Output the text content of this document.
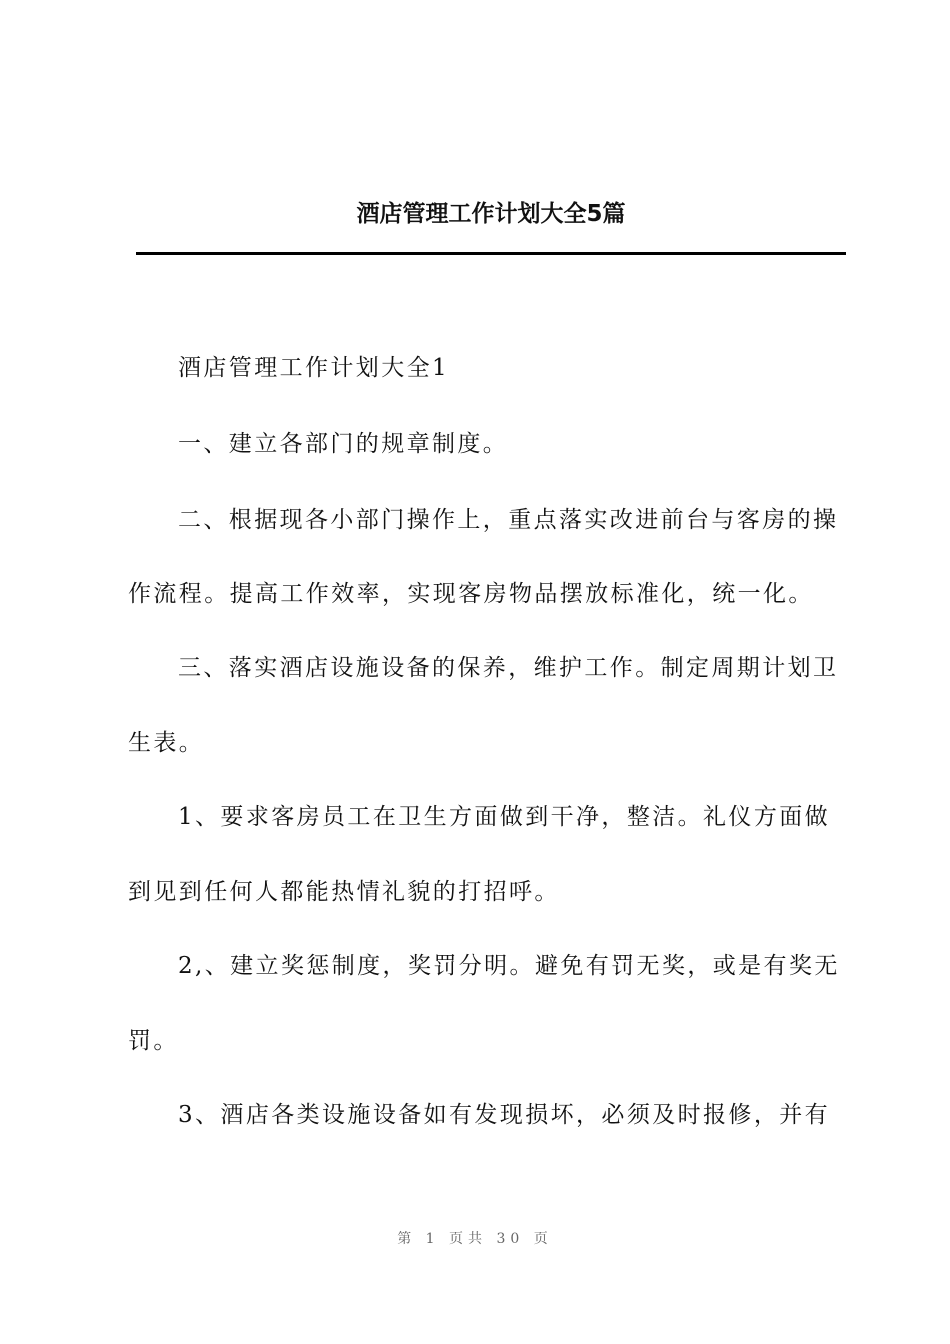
酒店管理工作计划大全5篇
酒店管理工作计划大全1
一、建立各部门的规章制度。
二、根据现各小部门操作上，重点落实改进前台与客房的操
作流程。提高工作效率，实现客房物品摆放标准化，统一化。
三、落实酒店设施设备的保养，维护工作。制定周期计划卫
生表。
1、要求客房员工在卫生方面做到干净，整洁。礼仪方面做
到见到任何人都能热情礼貌的打招呼。
2,、建立奖惩制度，奖罚分明。避免有罚无奖，或是有奖无
罚。
3、酒店各类设施设备如有发现损坏，必须及时报修，并有
第 1 页共 30 页
